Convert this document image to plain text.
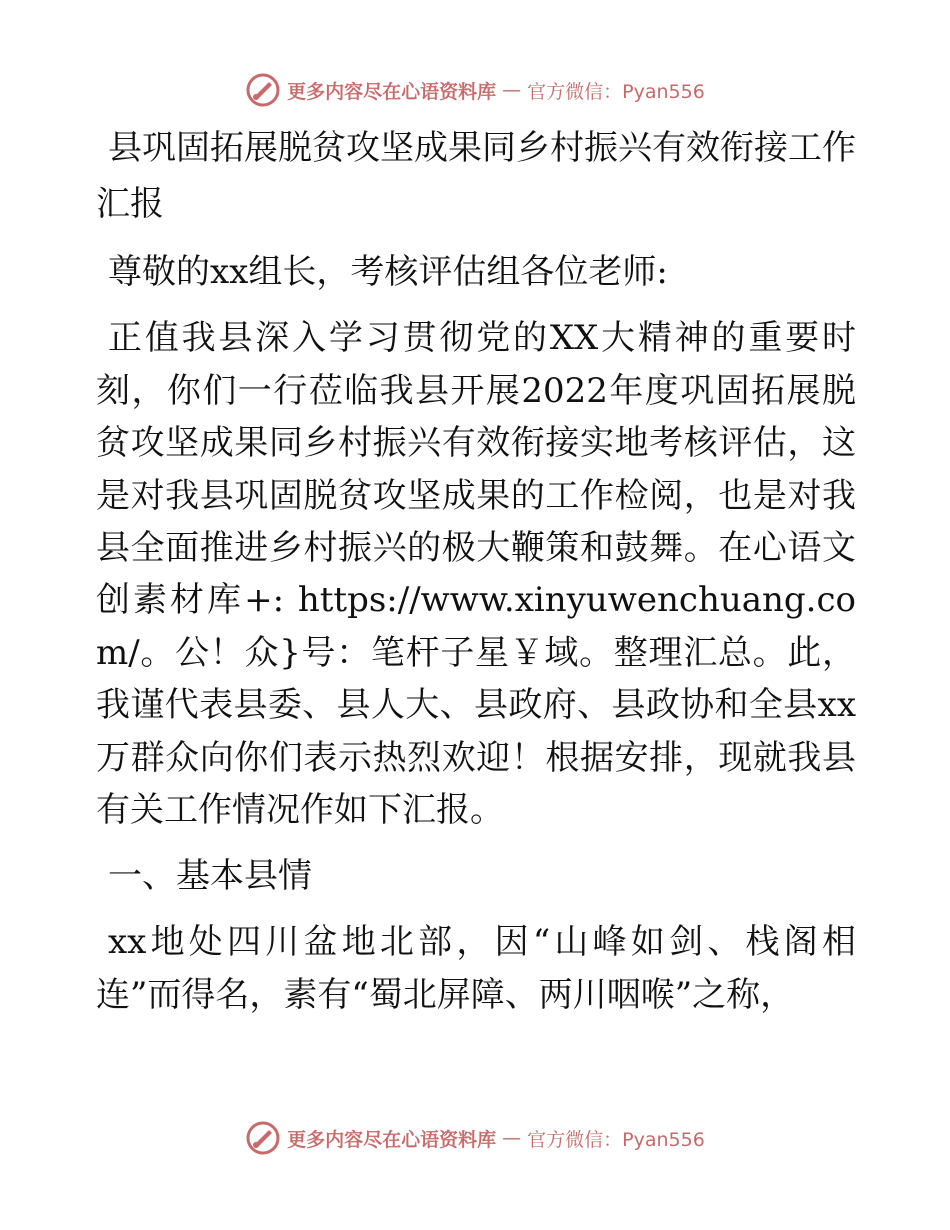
更多内容尽在心语资料库 — 官方微信：Pyan556
县巩固拓展脱贫攻坚成果同乡村振兴有效衔接工作汇报

尊敬的xx组长，考核评估组各位老师:

正值我县深入学习贯彻党的XX大精神的重要时刻，你们一行莅临我县开展2022年度巩固拓展脱贫攻坚成果同乡村振兴有效衔接实地考核评估，这是对我县巩固脱贫攻坚成果的工作检阅，也是对我县全面推进乡村振兴的极大鞭策和鼓舞。在心语文创素材库+: https://www.xinyuwenchuang.com/。公！众}号：笔杆子星￥域。整理汇总。此，我谨代表县委、县人大、县政府、县政协和全县xx万群众向你们表示热烈欢迎！根据安排，现就我县有关工作情况作如下汇报。

一、基本县情

xx地处四川盆地北部，因“山峰如剑、栈阁相连”而得名，素有“蜀北屏障、两川咽喉”之称，

更多内容尽在心语资料库 — 官方微信：Pyan556
